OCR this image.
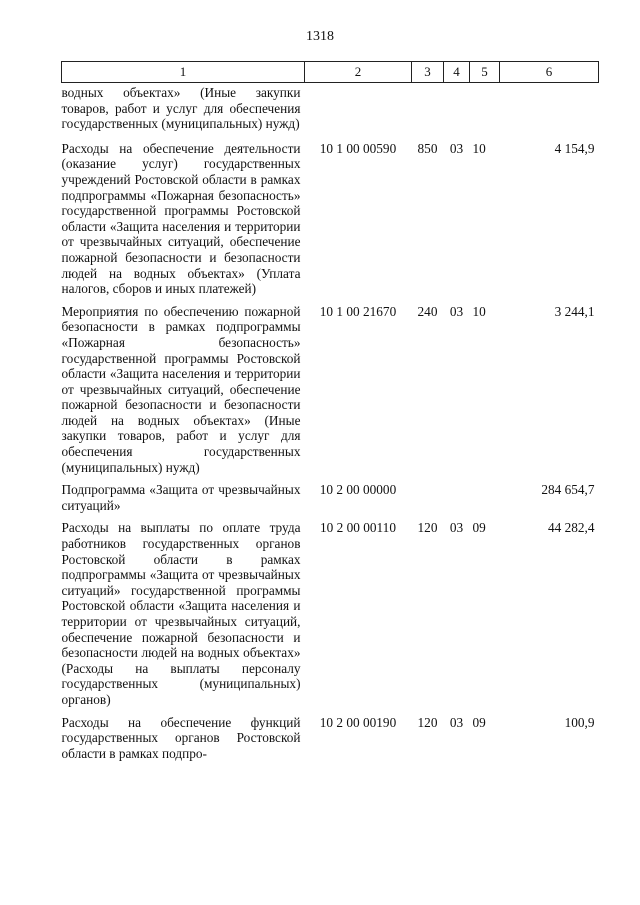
1318
1	2	3	4	5	6
водных объектах» (Иные закупки товаров, работ и услуг для обеспечения государственных (муниципальных) нужд)					
Расходы на обеспечение деятельности (оказание услуг) государственных учреждений Ростовской области в рамках подпрограммы «Пожарная безопасность» государственной программы Ростовской области «Защита населения и территории от чрезвычайных ситуаций, обеспечение пожарной безопасности и безопасности людей на водных объектах» (Уплата налогов, сборов и иных платежей)	10 1 00 00590	850	03	10	4 154,9
Мероприятия по обеспечению пожарной безопасности в рамках подпрограммы «Пожарная безопасность» государственной программы Ростовской области «Защита населения и территории от чрезвычайных ситуаций, обеспечение пожарной безопасности и безопасности людей на водных объектах» (Иные закупки товаров, работ и услуг для обеспечения государственных (муниципальных) нужд)	10 1 00 21670	240	03	10	3 244,1
Подпрограмма «Защита от чрезвычайных ситуаций»	10 2 00 00000				284 654,7
Расходы на выплаты по оплате труда работников государственных органов Ростовской области в рамках подпрограммы «Защита от чрезвычайных ситуаций» государственной программы Ростовской области «Защита населения и территории от чрезвычайных ситуаций, обеспечение пожарной безопасности и безопасности людей на водных объектах» (Расходы на выплаты персоналу государственных (муниципальных) органов)	10 2 00 00110	120	03	09	44 282,4
Расходы на обеспечение функций государственных органов Ростовской области в рамках подпро-	10 2 00 00190	120	03	09	100,9
